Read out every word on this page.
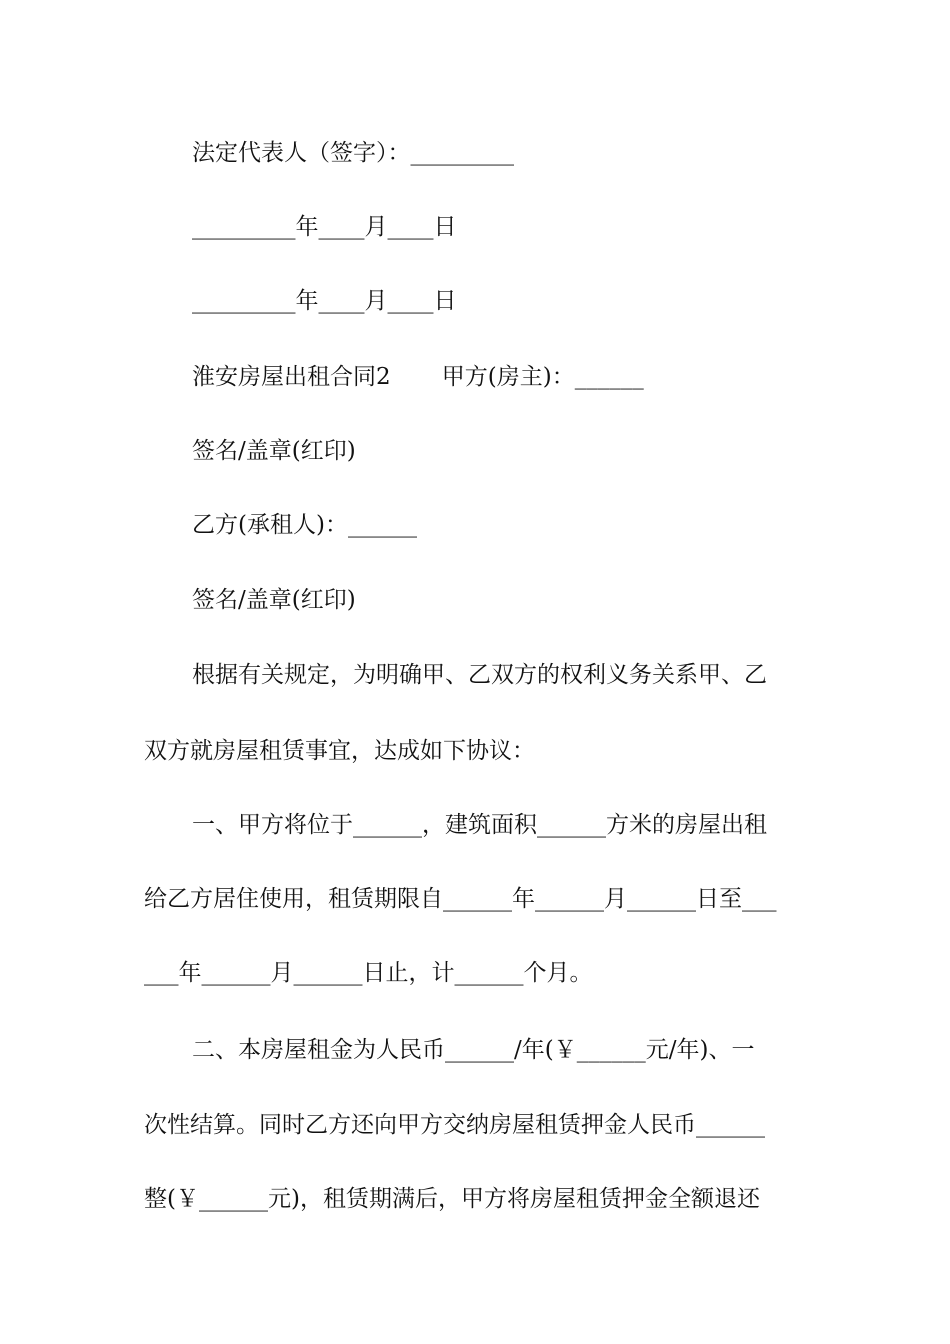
法定代表人（签字）：_________
_________年____月____日
_________年____月____日
淮安房屋出租合同2       甲方(房主)：______
签名/盖章(红印)
乙方(承租人)：______
签名/盖章(红印)
根据有关规定，为明确甲、乙双方的权利义务关系甲、乙
双方就房屋租赁事宜，达成如下协议：
一、甲方将位于______，建筑面积______方米的房屋出租
给乙方居住使用，租赁期限自______年______月______日至___
___年______月______日止，计______个月。
二、本房屋租金为人民币______/年(￥______元/年)、一
次性结算。同时乙方还向甲方交纳房屋租赁押金人民币______
整(￥______元)，租赁期满后，甲方将房屋租赁押金全额退还
